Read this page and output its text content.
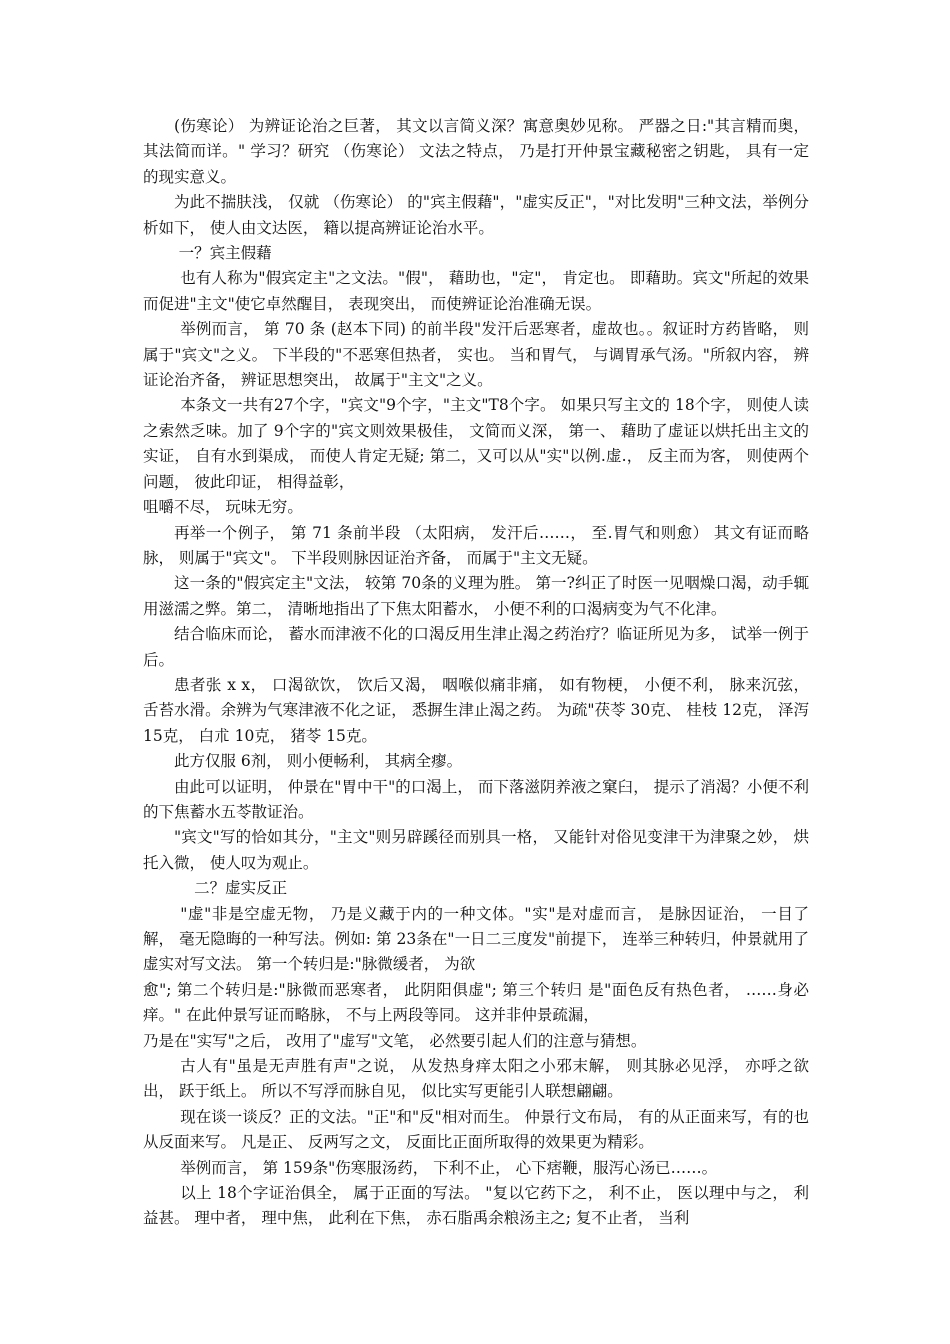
(伤寒论） 为辨证论治之巨著， 其文以言简义深？寓意奥妙见称。 严器之日:"其言精而奥， 其法简而详。" 学习？研究 （伤寒论） 文法之特点， 乃是打开仲景宝藏秘密之钥匙， 具有一定的现实意义。

为此不揣肤浅， 仅就 （伤寒论） 的"宾主假藉"，"虚实反正"，"对比发明"三种文法，举例分析如下， 使人由文达医， 籍以提高辨证论治水平。

一？宾主假藉

也有人称为"假宾定主"之文法。"假"， 藉助也，"定"， 肯定也。 即藉助。宾文"所起的效果而促进"主文"使它卓然醒目， 表现突出， 而使辨证论治准确无误。

举例而言， 第 70 条 (赵本下同) 的前半段"发汗后恶寒者，虚故也。。叙证时方药皆略， 则属于"宾文"之义。 下半段的"不恶寒但热者， 实也。 当和胃气， 与调胃承气汤。"所叙内容， 辨证论治齐备， 辨证思想突出， 故属于"主文"之义。

本条文一共有27个字，"宾文"9个字，"主文"T8个字。 如果只写主文的 18个字， 则使人读之索然乏味。加了 9个字的"宾文则效果极佳， 文简而义深， 第一、 藉助了虚证以烘托出主文的实证， 自有水到渠成， 而使人肯定无疑; 第二，又可以从"实"以例.虚.， 反主而为客， 则使两个问题， 彼此印证， 相得益彰，

咀嚼不尽， 玩味无穷。

再举一个例子， 第 71 条前半段 （太阳病， 发汗后……， 至.胃气和则愈） 其文有证而略脉， 则属于"宾文"。 下半段则脉因证治齐备， 而属于"主文无疑。

这一条的"假宾定主"文法， 较第 70条的义理为胜。 第一?纠正了时医一见咽燥口渴，动手辄用滋濡之弊。第二， 清晰地指出了下焦太阳蓄水， 小便不利的口渴病变为气不化津。

结合临床而论， 蓄水而津液不化的口渴反用生津止渴之药治疗？临证所见为多， 试举一例于后。

患者张 x x， 口渴欲饮， 饮后又渴， 咽喉似痛非痛， 如有物梗， 小便不利， 脉来沉弦， 舌苔水滑。余辨为气寒津液不化之证， 悉摒生津止渴之药。 为疏"茯苓 30克、 桂枝 12克， 泽泻 15克， 白朮 10克， 猪苓 15克。

此方仅服 6剂， 则小便畅利， 其病全瘳。

由此可以证明， 仲景在"胃中干"的口渴上， 而下落滋阴养液之窠臼， 提示了消渴？小便不利的下焦蓄水五苓散证治。

"宾文"写的恰如其分，"主文"则另辟蹊径而别具一格， 又能针对俗见变津干为津聚之妙， 烘托入微， 使人叹为观止。

二？虚实反正

"虚"非是空虚无物， 乃是义藏于内的一种文体。"实"是对虚而言， 是脉因证治， 一目了解， 毫无隐晦的一种写法。例如: 第 23条在"一日二三度发"前提下， 连举三种转归，仲景就用了虚实对写文法。 第一个转归是:"脉微缓者， 为欲

愈"; 第二个转归是:"脉微而恶寒者， 此阴阳俱虚"; 第三个转归 是"面色反有热色者， ……身必痒。" 在此仲景写证而略脉， 不与上两段等同。 这并非仲景疏漏，

乃是在"实写"之后， 改用了"虚写"文笔， 必然要引起人们的注意与猜想。

古人有"虽是无声胜有声"之说， 从发热身痒太阳之小邪末解， 则其脉必见浮， 亦呼之欲出， 跃于纸上。 所以不写浮而脉自见， 似比实写更能引人联想翩翩。

现在谈一谈反？正的文法。"正"和"反"相对而生。 仲景行文布局， 有的从正面来写，有的也从反面来写。 凡是正、 反两写之文， 反面比正面所取得的效果更为精彩。

举例而言， 第 159条"伤寒服汤药， 下利不止， 心下痞鞭，服泻心汤已……。

以上 18个字证治俱全， 属于正面的写法。 "复以它药下之， 利不止， 医以理中与之， 利益甚。 理中者， 理中焦， 此利在下焦， 赤石脂禹余粮汤主之; 复不止者， 当利
